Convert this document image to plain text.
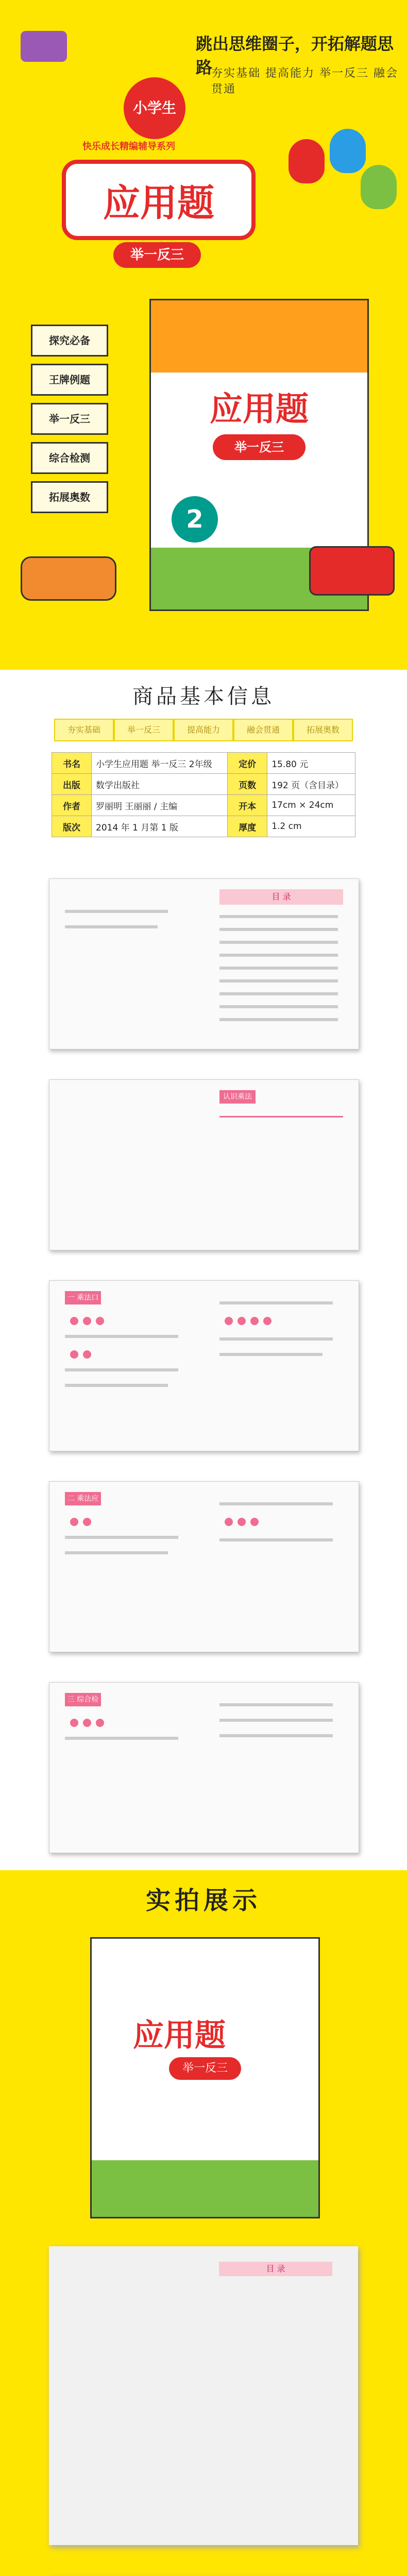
跳出思维圈子，开拓解题思路
夯实基础 提高能力 举一反三 融会贯通
小学生
快乐成长精编辅导系列
应用题
举一反三
探究必备
王牌例题
举一反三
综合检测
拓展奥数
应用题
举一反三
2
商品基本信息
夯实基础	举一反三	提高能力	融会贯通	拓展奥数
书名	小学生应用题 举一反三 2年级	定价	15.80 元
出版	数学出版社	页数	192 页（含目录）
作者	罗丽明 王丽丽 / 主编	开本	17cm × 24cm
版次	2014 年 1 月第 1 版	厚度	1.2 cm
目 录
认识乘法
一 乘法口诀
二 乘法应用
三 综合检测
实拍展示
应用题
举一反三
目 录
